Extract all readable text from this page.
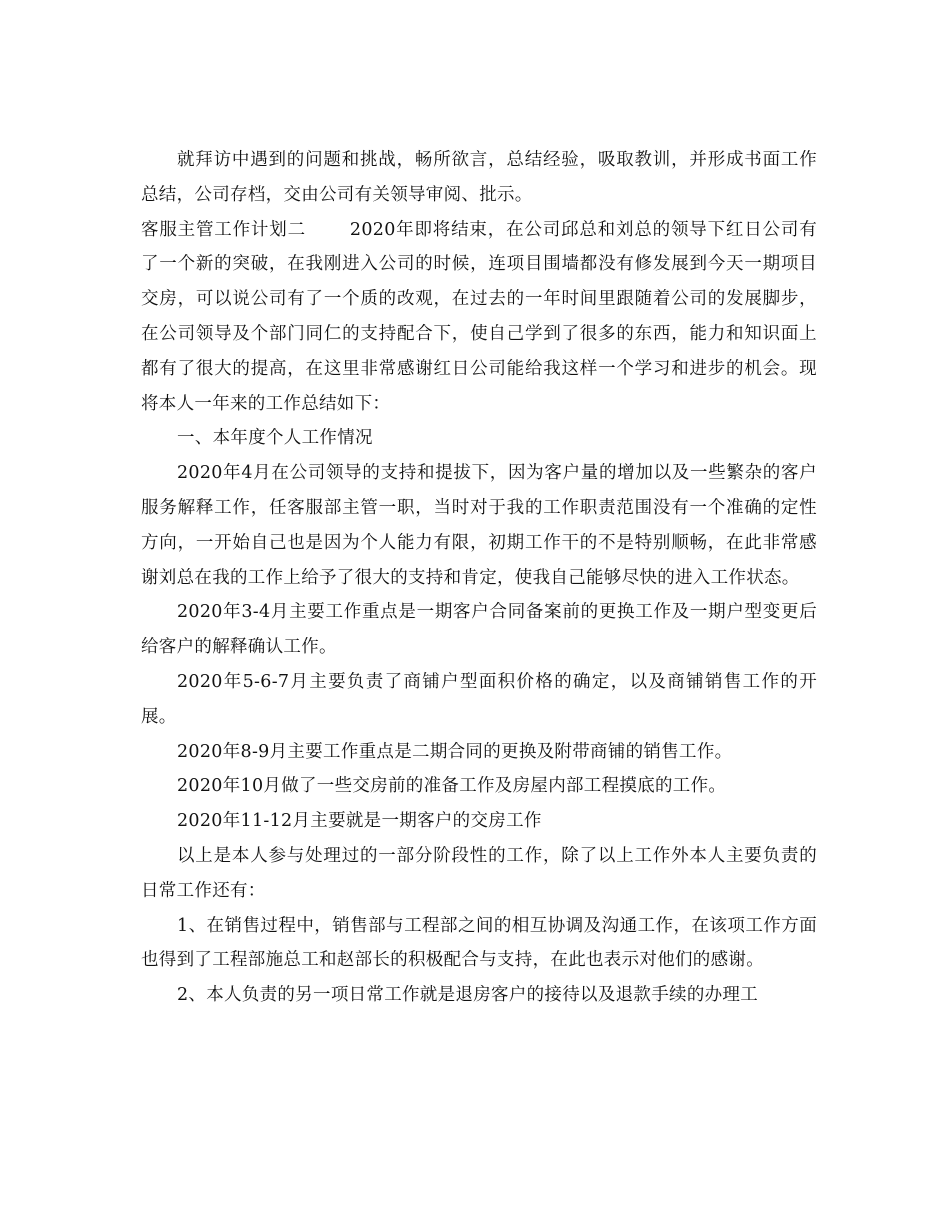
就拜访中遇到的问题和挑战，畅所欲言，总结经验，吸取教训，并形成书面工作总结，公司存档，交由公司有关领导审阅、批示。

客服主管工作计划二	2020年即将结束，在公司邱总和刘总的领导下红日公司有了一个新的突破，在我刚进入公司的时候，连项目围墙都没有修发展到今天一期项目交房，可以说公司有了一个质的改观，在过去的一年时间里跟随着公司的发展脚步，在公司领导及个部门同仁的支持配合下，使自己学到了很多的东西，能力和知识面上都有了很大的提高，在这里非常感谢红日公司能给我这样一个学习和进步的机会。现将本人一年来的工作总结如下：

一、本年度个人工作情况

2020年4月在公司领导的支持和提拔下，因为客户量的增加以及一些繁杂的客户服务解释工作，任客服部主管一职，当时对于我的工作职责范围没有一个准确的定性方向，一开始自己也是因为个人能力有限，初期工作干的不是特别顺畅，在此非常感谢刘总在我的工作上给予了很大的支持和肯定，使我自己能够尽快的进入工作状态。

2020年3-4月主要工作重点是一期客户合同备案前的更换工作及一期户型变更后给客户的解释确认工作。

2020年5-6-7月主要负责了商铺户型面积价格的确定，以及商铺销售工作的开展。

2020年8-9月主要工作重点是二期合同的更换及附带商铺的销售工作。

2020年10月做了一些交房前的准备工作及房屋内部工程摸底的工作。

2020年11-12月主要就是一期客户的交房工作

以上是本人参与处理过的一部分阶段性的工作，除了以上工作外本人主要负责的日常工作还有：

1、在销售过程中，销售部与工程部之间的相互协调及沟通工作，在该项工作方面也得到了工程部施总工和赵部长的积极配合与支持，在此也表示对他们的感谢。

2、本人负责的另一项日常工作就是退房客户的接待以及退款手续的办理工
